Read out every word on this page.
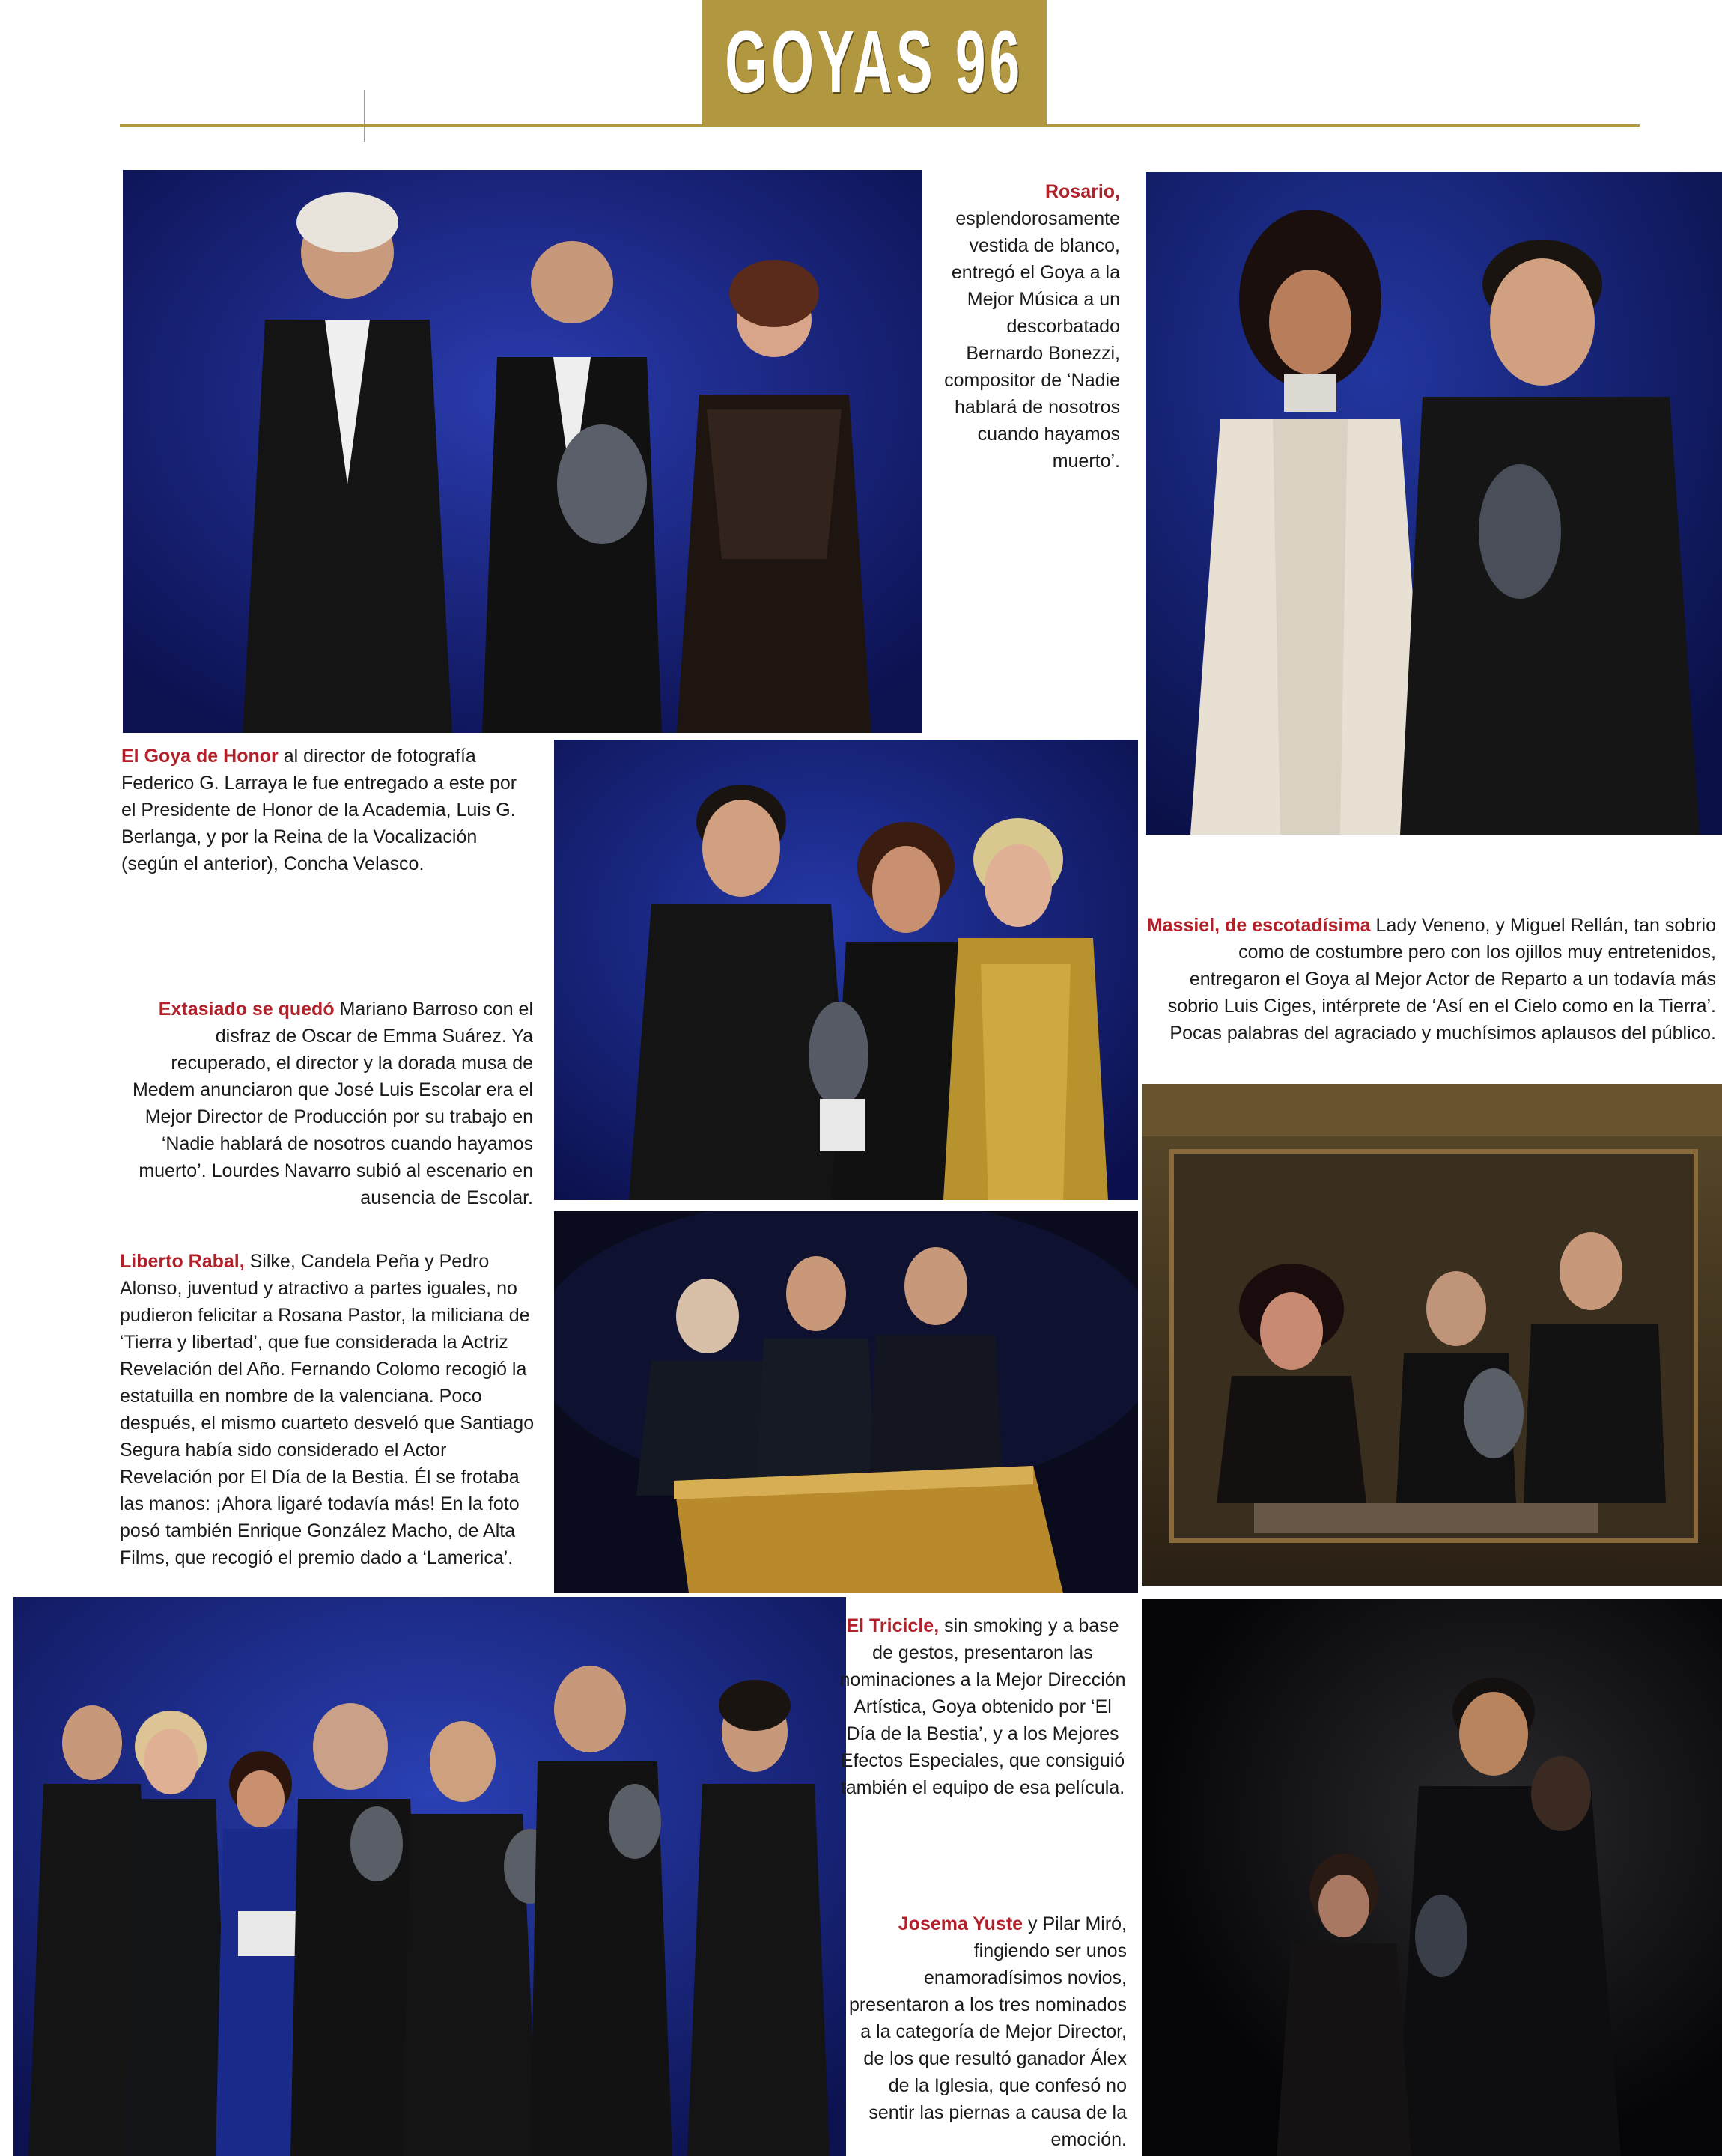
GOYAS 96
Rosario,
esplendorosamente vestida de blanco, entregó el Goya a la Mejor Música a un descorbatado Bernardo Bonezzi, compositor de ‘Nadie hablará de nosotros cuando hayamos muerto’.
El Goya de Honor al director de fotografía Federico G. Larraya le fue entregado a este por el Presidente de Honor de la Academia, Luis G. Berlanga, y por la Reina de la Vocalización (según el anterior), Concha Velasco.
Massiel, de escotadísima Lady Veneno, y Miguel Rellán, tan sobrio como de costumbre pero con los ojillos muy entretenidos, entregaron el Goya al Mejor Actor de Reparto a un todavía más sobrio Luis Ciges, intérprete de ‘Así en el Cielo como en la Tierra’. Pocas palabras del agraciado y muchísimos aplausos del público.
Extasiado se quedó Mariano Barroso con el disfraz de Oscar de Emma Suárez. Ya recuperado, el director y la dorada musa de Medem anunciaron que José Luis Escolar era el Mejor Director de Producción por su trabajo en ‘Nadie hablará de nosotros cuando hayamos muerto’. Lourdes Navarro subió al escenario en ausencia de Escolar.
Liberto Rabal, Silke, Candela Peña y Pedro Alonso, juventud y atractivo a partes iguales, no pudieron felicitar a Rosana Pastor, la miliciana de ‘Tierra y libertad’, que fue considerada la Actriz Revelación del Año. Fernando Colomo recogió la estatuilla en nombre de la valenciana. Poco después, el mismo cuarteto desveló que Santiago Segura había sido considerado el Actor Revelación por El Día de la Bestia. Él se frotaba las manos: ¡Ahora ligaré todavía más! En la foto posó también Enrique González Macho, de Alta Films, que recogió el premio dado a ‘Lamerica’.
El Tricicle, sin smoking y a base de gestos, presentaron las nominaciones a la Mejor Dirección Artística, Goya obtenido por ‘El Día de la Bestia’, y a los Mejores Efectos Especiales, que consiguió también el equipo de esa película.
Josema Yuste y Pilar Miró, fingiendo ser unos enamoradísimos novios, presentaron a los tres nominados a la categoría de Mejor Director, de los que resultó ganador Álex de la Iglesia, que confesó no sentir las piernas a causa de la emoción.
